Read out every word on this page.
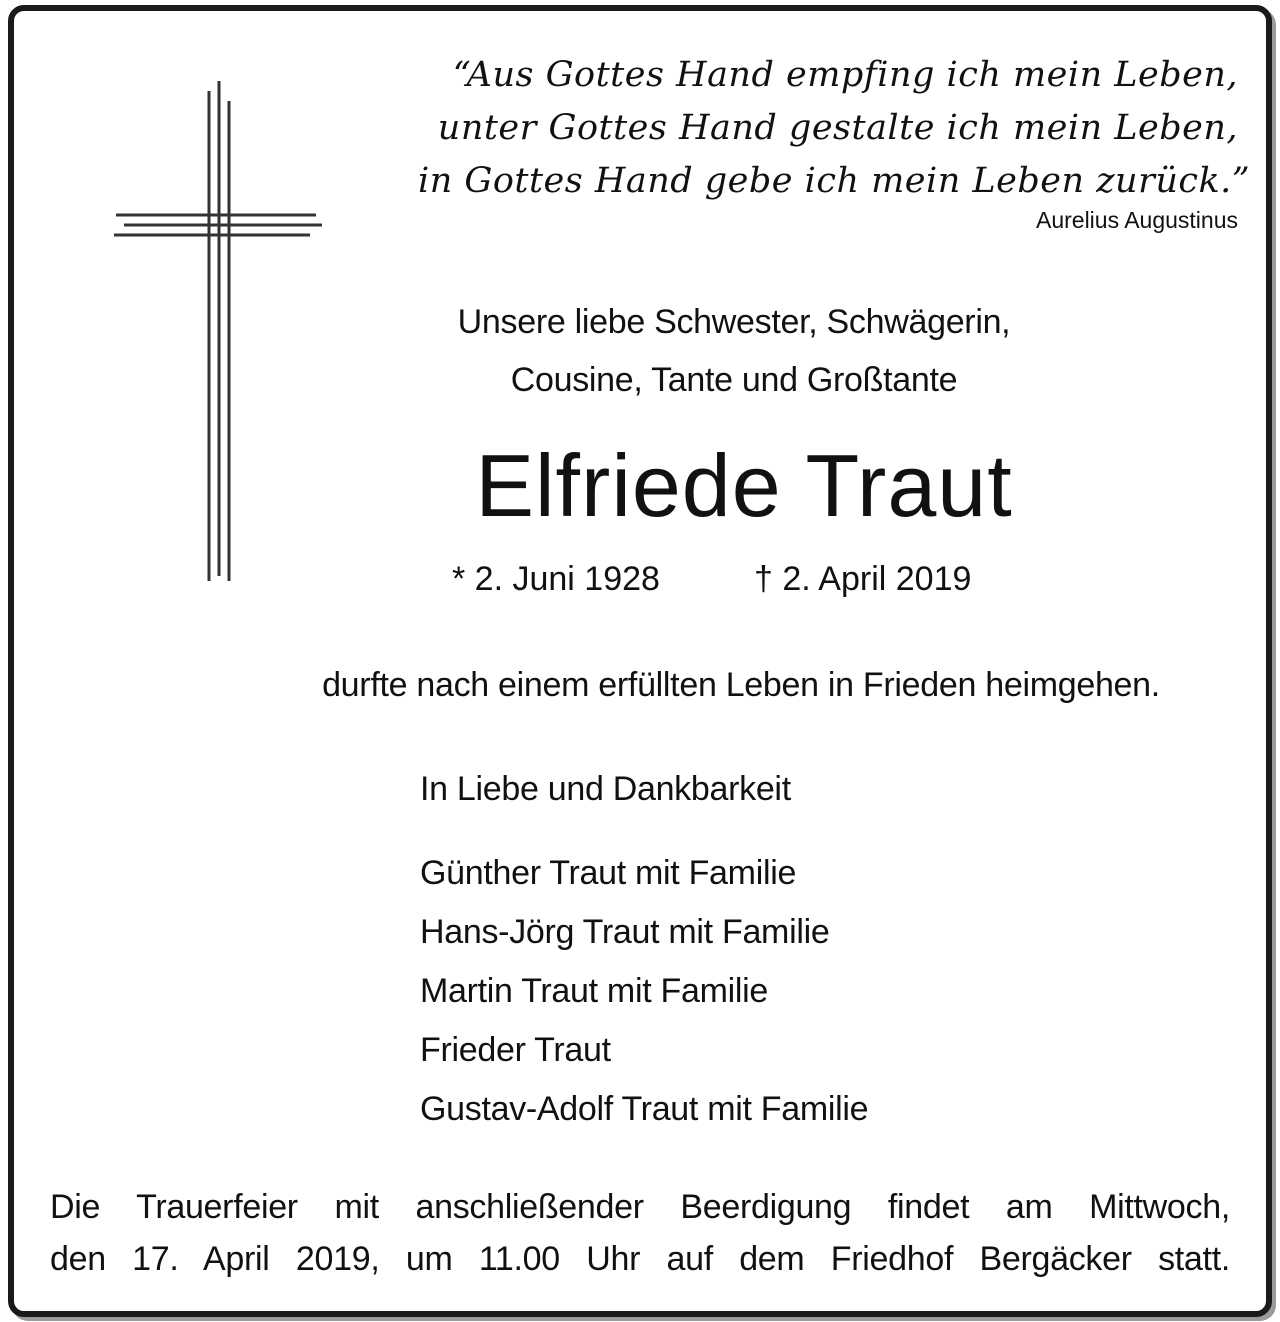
“Aus Gottes Hand empfing ich mein Leben,
unter Gottes Hand gestalte ich mein Leben,
in Gottes Hand gebe ich mein Leben zurück.”
Aurelius Augustinus
Unsere liebe Schwester, Schwägerin,
Cousine, Tante und Großtante
Elfriede Traut
* 2. Juni 1928	† 2. April 2019
durfte nach einem erfüllten Leben in Frieden heimgehen.
In Liebe und Dankbarkeit
Günther Traut mit Familie
Hans-Jörg Traut mit Familie
Martin Traut mit Familie
Frieder Traut
Gustav-Adolf Traut mit Familie
Die Trauerfeier mit anschließender Beerdigung findet am Mittwoch,
den 17. April 2019, um 11.00 Uhr auf dem Friedhof Bergäcker statt.
